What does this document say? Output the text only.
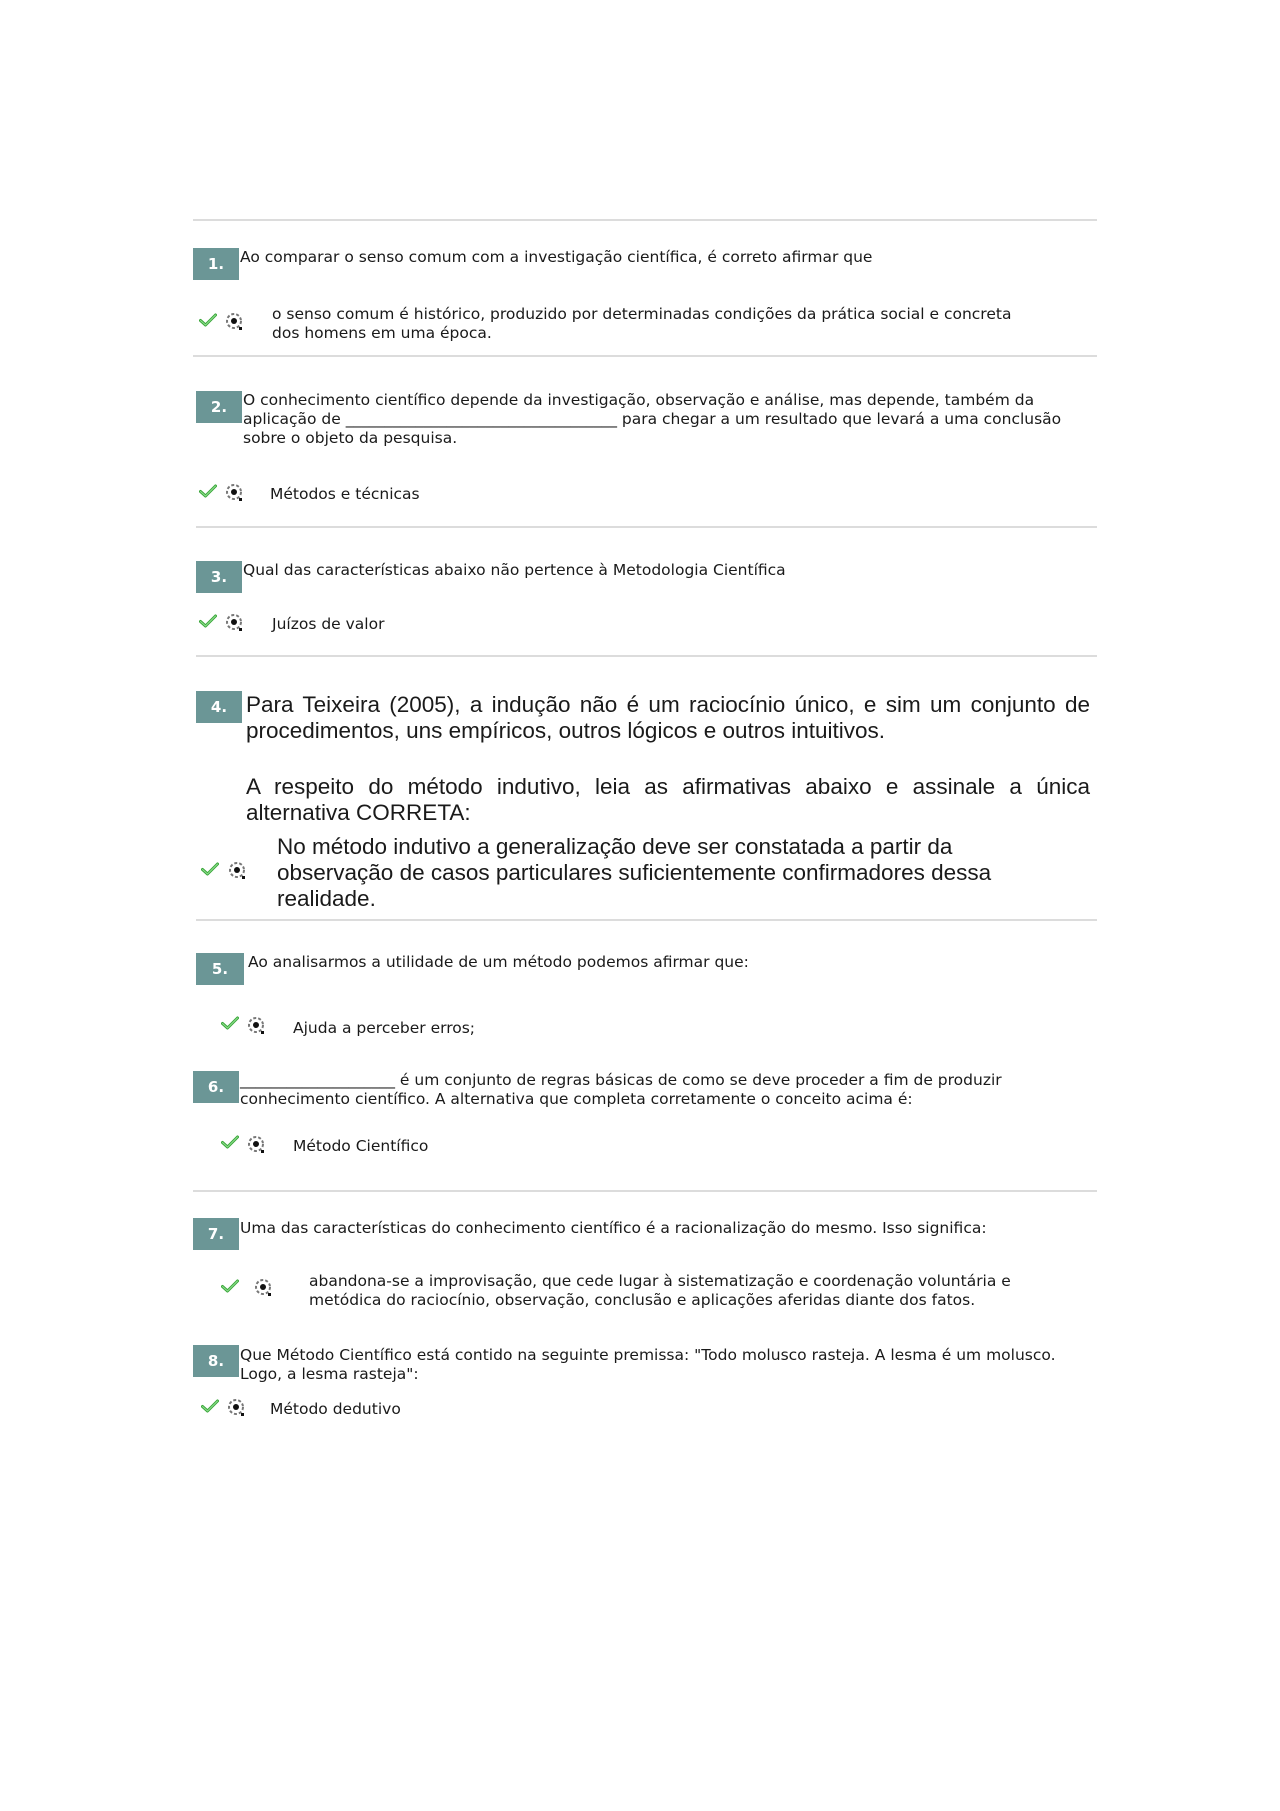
1.	Ao comparar o senso comum com a investigação científica, é correto afirmar que
o senso comum é histórico, produzido por determinadas condições da prática social e concreta dos homens em uma época.
2.	O conhecimento científico depende da investigação, observação e análise, mas depende, também da aplicação de ___________________________________ para chegar a um resultado que levará a uma conclusão sobre o objeto da pesquisa.
Métodos e técnicas
3.	Qual das características abaixo não pertence à Metodologia Científica
Juízos de valor
4. Para Teixeira (2005), a indução não é um raciocínio único, e sim um conjunto de procedimentos, uns empíricos, outros lógicos e outros intuitivos.

A respeito do método indutivo, leia as afirmativas abaixo e assinale a única alternativa CORRETA:

No método indutivo a generalização deve ser constatada a partir da observação de casos particulares suficientemente confirmadores dessa realidade.
5.	Ao analisarmos a utilidade de um método podemos afirmar que:
Ajuda a perceber erros;
6.	____________________ é um conjunto de regras básicas de como se deve proceder a fim de produzir conhecimento científico. A alternativa que completa corretamente o conceito acima é:
Método Científico
7.	Uma das características do conhecimento científico é a racionalização do mesmo. Isso significa:
abandona-se a improvisação, que cede lugar à sistematização e coordenação voluntária e metódica do raciocínio, observação, conclusão e aplicações aferidas diante dos fatos.
8.	Que Método Científico está contido na seguinte premissa: "Todo molusco rasteja. A lesma é um molusco. Logo, a lesma rasteja":
Método dedutivo
